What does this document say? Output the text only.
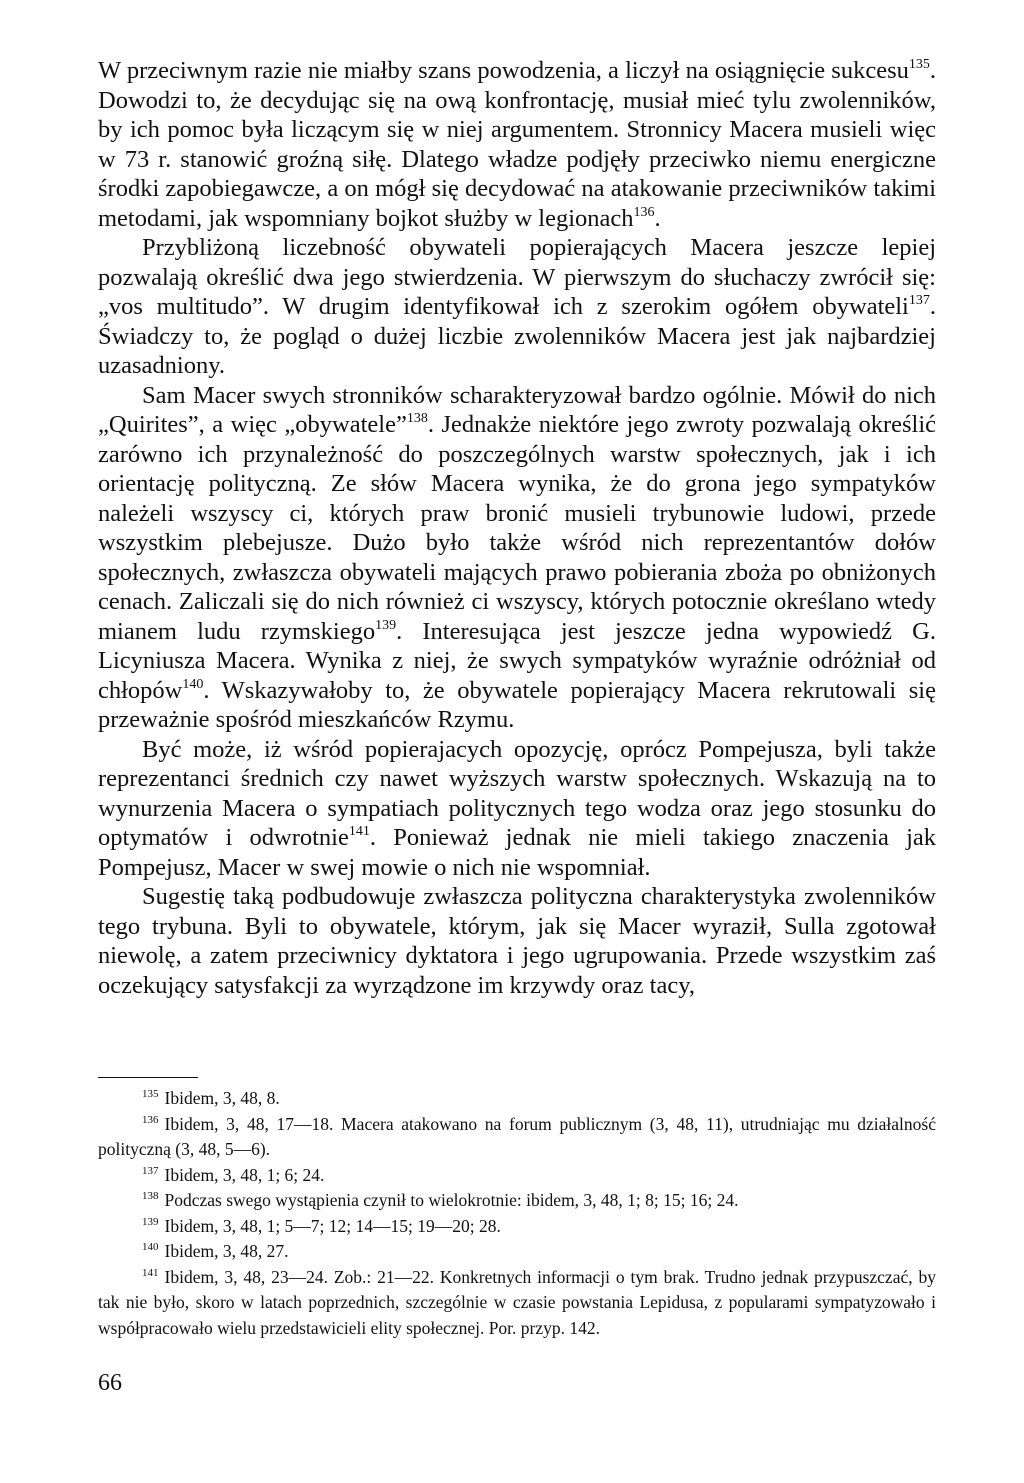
W przeciwnym razie nie miałby szans powodzenia, a liczył na osiągnięcie sukcesu$^{135}$. Dowodzi to, że decydując się na ową konfrontację, musiał mieć tylu zwolenników, by ich pomoc była liczącym się w niej argumentem. Stronnicy Macera musieli więc w 73 r. stanowić groźną siłę. Dlatego władze podjęły przeciwko niemu energiczne środki zapobiegawcze, a on mógł się decydować na atakowanie przeciwników takimi metodami, jak wspomniany bojkot służby w legionach$^{136}$.

Przybliżoną liczebność obywateli popierających Macera jeszcze lepiej pozwalają określić dwa jego stwierdzenia. W pierwszym do słuchaczy zwrócił się: „vos multitudo”. W drugim identyfikował ich z szerokim ogółem obywateli$^{137}$. Świadczy to, że pogląd o dużej liczbie zwolenników Macera jest jak najbardziej uzasadniony.

Sam Macer swych stronników scharakteryzował bardzo ogólnie. Mówił do nich „Quirites”, a więc „obywatele”$^{138}$. Jednakże niektóre jego zwroty pozwalają określić zarówno ich przynależność do poszczególnych warstw społecznych, jak i ich orientację polityczną. Ze słów Macera wynika, że do grona jego sympatyków należeli wszyscy ci, których praw bronić musieli trybunowie ludowi, przede wszystkim plebejusze. Dużo było także wśród nich reprezentantów dołów społecznych, zwłaszcza obywateli mających prawo pobierania zboża po obniżonych cenach. Zaliczali się do nich również ci wszyscy, których potocznie określano wtedy mianem ludu rzymskiego$^{139}$. Interesująca jest jeszcze jedna wypowiedź G. Licyniusza Macera. Wynika z niej, że swych sympatyków wyraźnie odróżniał od chłopów$^{140}$. Wskazywałoby to, że obywatele popierający Macera rekrutowali się przeważnie spośród mieszkańców Rzymu.

Być może, iż wśród popierajacych opozycję, oprócz Pompejusza, byli także reprezentanci średnich czy nawet wyższych warstw społecznych. Wskazują na to wynurzenia Macera o sympatiach politycznych tego wodza oraz jego stosunku do optymatów i odwrotnie$^{141}$. Ponieważ jednak nie mieli takiego znaczenia jak Pompejusz, Macer w swej mowie o nich nie wspomniał.

Sugestię taką podbudowuje zwłaszcza polityczna charakterystyka zwolenników tego trybuna. Byli to obywatele, którym, jak się Macer wyraził, Sulla zgotował niewolę, a zatem przeciwnicy dyktatora i jego ugrupowania. Przede wszystkim zaś oczekujący satysfakcji za wyrządzone im krzywdy oraz tacy,

$^{135}$ Ibidem, 3, 48, 8.

$^{136}$ Ibidem, 3, 48, 17—18. Macera atakowano na forum publicznym (3, 48, 11), utrudniając mu działalność polityczną (3, 48, 5—6).

$^{137}$ Ibidem, 3, 48, 1; 6; 24.

$^{138}$ Podczas swego wystąpienia czynił to wielokrotnie: ibidem, 3, 48, 1; 8; 15; 16; 24.

$^{139}$ Ibidem, 3, 48, 1; 5—7; 12; 14—15; 19—20; 28.

$^{140}$ Ibidem, 3, 48, 27.

$^{141}$ Ibidem, 3, 48, 23—24. Zob.: 21—22. Konkretnych informacji o tym brak. Trudno jednak przypuszczać, by tak nie było, skoro w latach poprzednich, szczególnie w czasie powstania Lepidusa, z popularami sympatyzowało i współpracowało wielu przedstawicieli elity społecznej. Por. przyp. 142.

66
